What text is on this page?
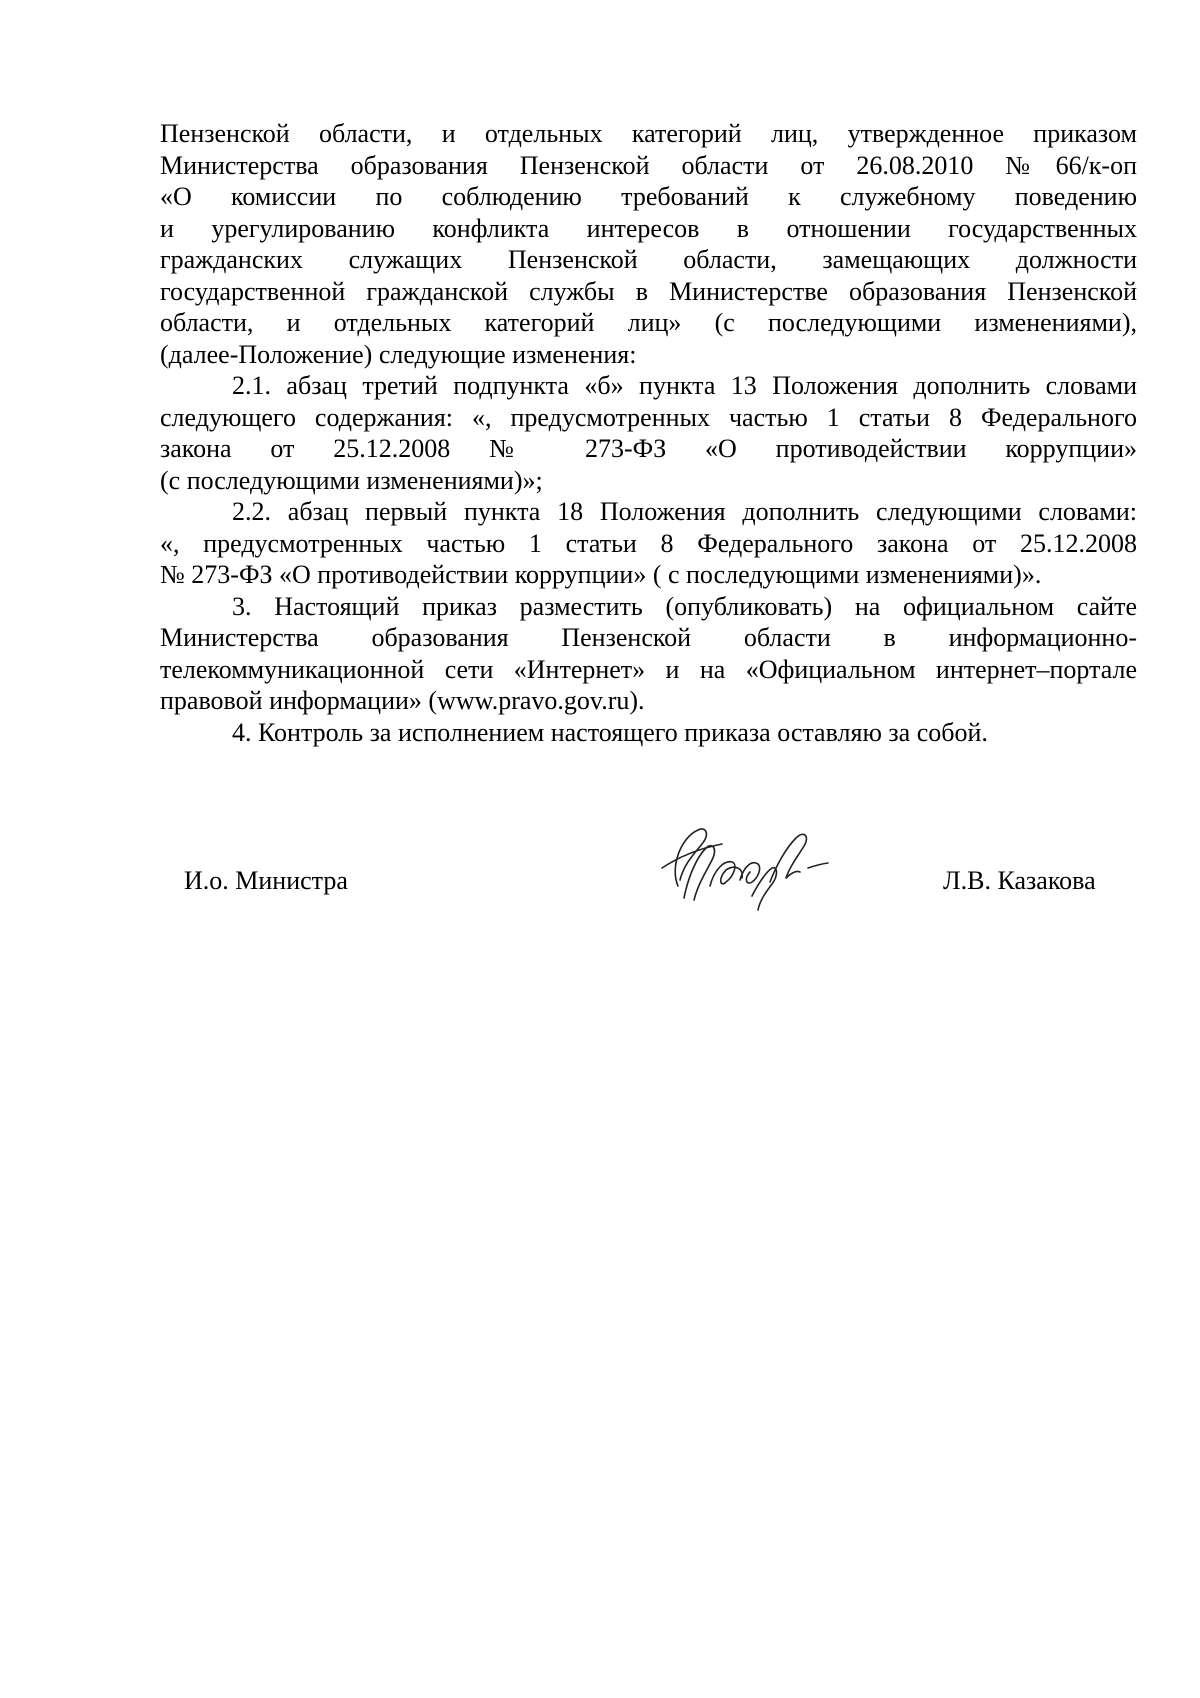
Пензенской области, и отдельных категорий лиц, утвержденное приказом
Министерства образования Пензенской области от 26.08.2010 №66/к-оп
«О комиссии по соблюдению требований к служебному поведению
и урегулированию конфликта интересов в отношении государственных
гражданских служащих Пензенской области, замещающих должности
государственной гражданской службы в Министерстве образования Пензенской
области, и отдельных категорий лиц» (с последующими изменениями),
(далее-Положение) следующие изменения:
2.1. абзац третий подпункта «б» пункта 13 Положения дополнить словами
следующего содержания: «, предусмотренных частью 1 статьи 8 Федерального
закона от 25.12.2008 № 273-ФЗ «О противодействии коррупции»
(с последующими изменениями)»;
2.2. абзац первый пункта 18 Положения дополнить следующими словами:
«, предусмотренных частью 1 статьи 8 Федерального закона от 25.12.2008
№ 273-ФЗ «О противодействии коррупции» ( с последующими изменениями)».
3. Настоящий приказ разместить (опубликовать) на официальном сайте
Министерства образования Пензенской области в информационно-
телекоммуникационной сети «Интернет» и на «Официальном интернет–портале
правовой информации» (www.pravo.gov.ru).
4. Контроль за исполнением настоящего приказа оставляю за собой.
И.о. Министра	Л.В. Казакова
